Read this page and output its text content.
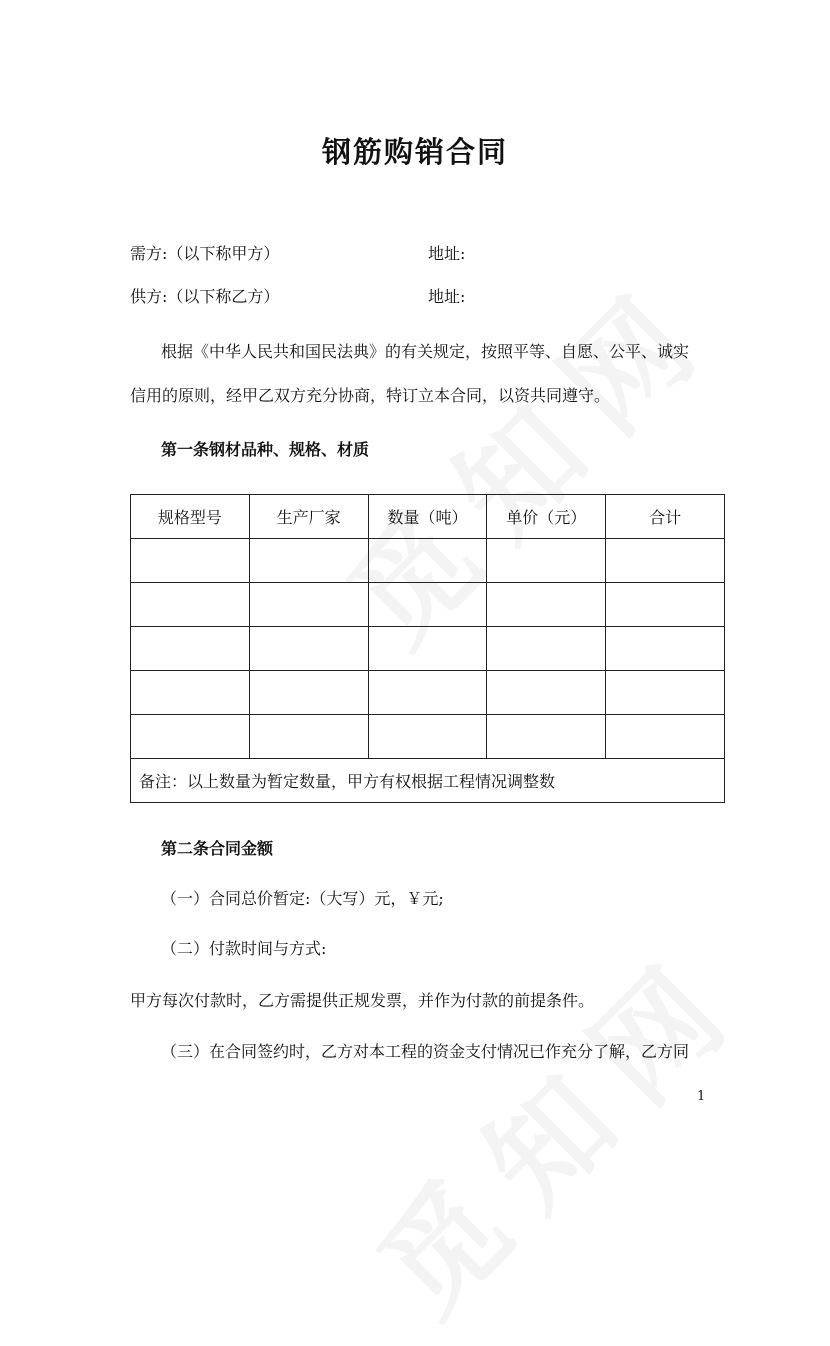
钢筋购销合同
需方:（以下称甲方）	地址:
供方:（以下称乙方）	地址:
根据《中华人民共和国民法典》的有关规定，按照平等、自愿、公平、诚实
信用的原则，经甲乙双方充分协商，特订立本合同，以资共同遵守。
第一条钢材品种、规格、材质
规格型号	生产厂家	数量（吨）	单价（元）	合计

备注：以上数量为暂定数量，甲方有权根据工程情况调整数				
第二条合同金额
（一）合同总价暂定:（大写）元，￥元;
（二）付款时间与方式:
甲方每次付款时，乙方需提供正规发票，并作为付款的前提条件。
（三）在合同签约时，乙方对本工程的资金支付情况已作充分了解，乙方同
1
